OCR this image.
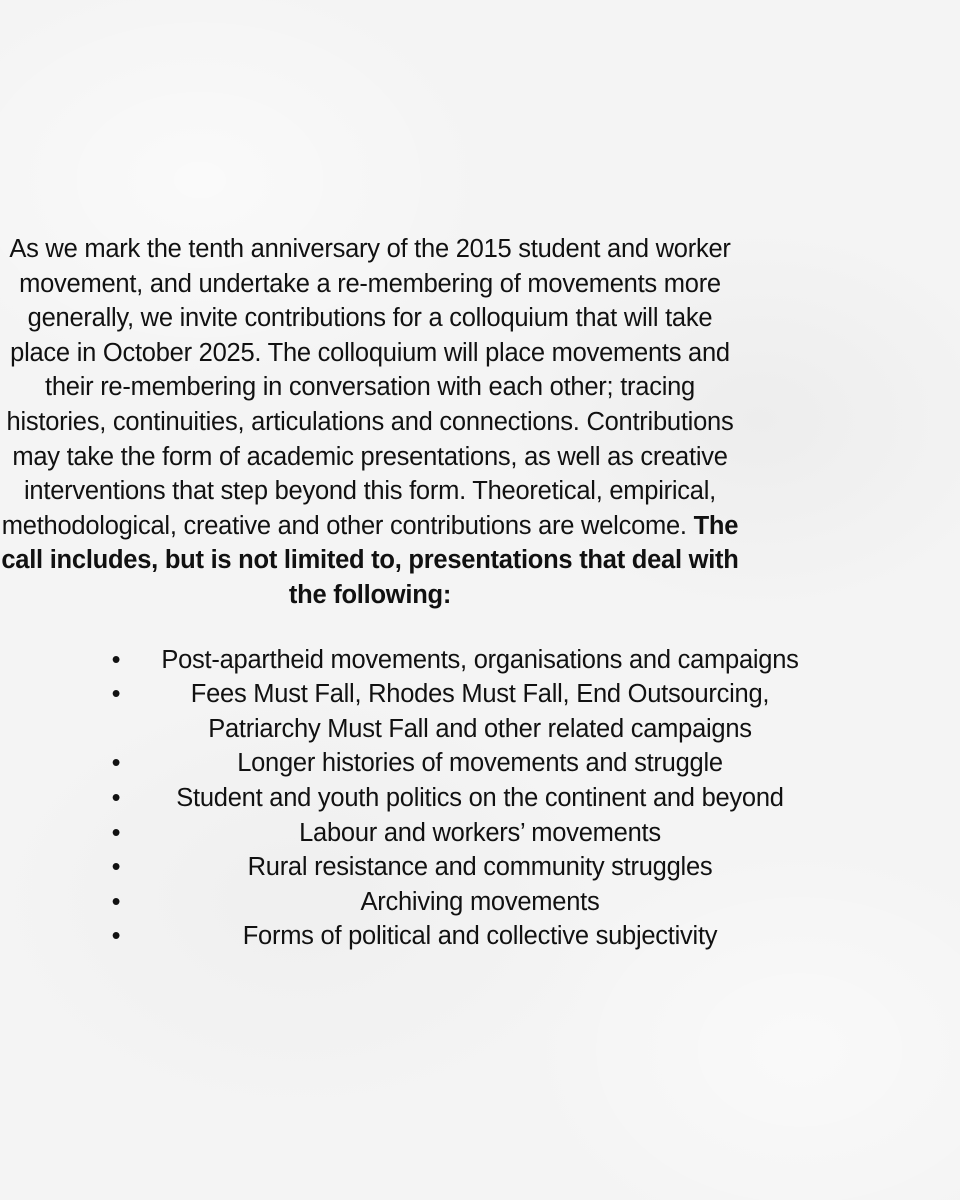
As we mark the tenth anniversary of the 2015 student and worker movement, and undertake a re-membering of movements more generally, we invite contributions for a colloquium that will take place in October 2025. The colloquium will place movements and their re-membering in conversation with each other; tracing histories, continuities, articulations and connections. Contributions may take the form of academic presentations, as well as creative interventions that step beyond this form. Theoretical, empirical, methodological, creative and other contributions are welcome. The call includes, but is not limited to, presentations that deal with the following:

•	Post-apartheid movements, organisations and campaigns
•	Fees Must Fall, Rhodes Must Fall, End Outsourcing, Patriarchy Must Fall and other related campaigns
•	Longer histories of movements and struggle
•	Student and youth politics on the continent and beyond
•	Labour and workers’ movements
•	Rural resistance and community struggles
•	Archiving movements
•	Forms of political and collective subjectivity
